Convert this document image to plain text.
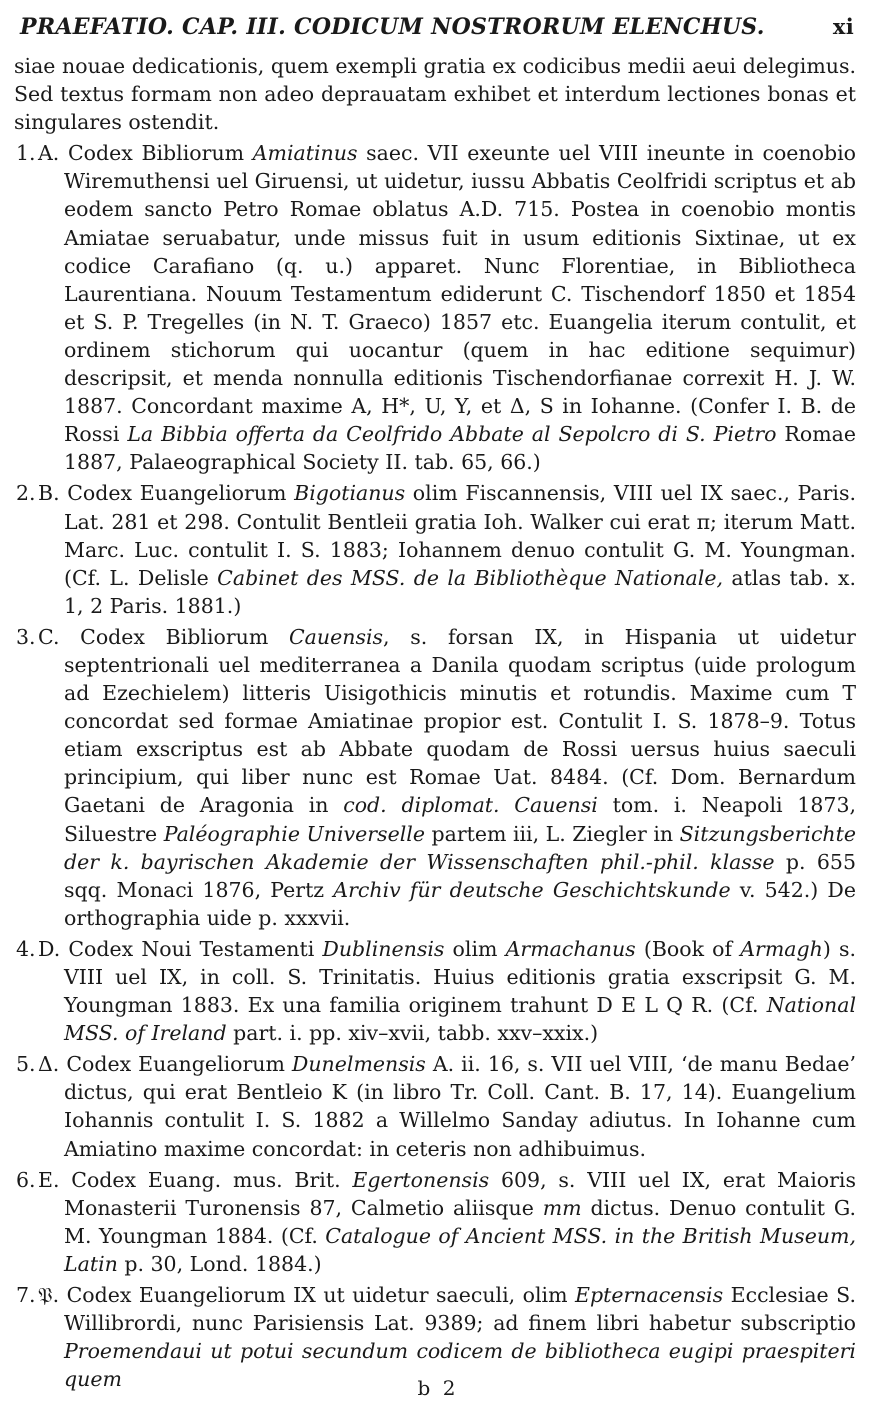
PRAEFATIO. CAP. III. CODICUM NOSTRORUM ELENCHUS.	xi

siae nouae dedicationis, quem exempli gratia ex codicibus medii aeui delegimus. Sed textus formam non adeo deprauatam exhibet et interdum lectiones bonas et singulares ostendit.

1. A. Codex Bibliorum Amiatinus saec. VII exeunte uel VIII ineunte in coenobio Wiremuthensi uel Giruensi, ut uidetur, iussu Abbatis Ceolfridi scriptus et ab eodem sancto Petro Romae oblatus A.D. 715. Postea in coenobio montis Amiatae seruabatur, unde missus fuit in usum editionis Sixtinae, ut ex codice Carafiano (q. u.) apparet. Nunc Florentiae, in Bibliotheca Laurentiana. Nouum Testamentum ediderunt C. Tischendorf 1850 et 1854 et S. P. Tregelles (in N. T. Graeco) 1857 etc. Euangelia iterum contulit, et ordinem stichorum qui uocantur (quem in hac editione sequimur) descripsit, et menda nonnulla editionis Tischendorfianae correxit H. J. W. 1887. Concordant maxime A, H*, U, Y, et Δ, S in Iohanne. (Confer I. B. de Rossi La Bibbia offerta da Ceolfrido Abbate al Sepolcro di S. Pietro Romae 1887, Palaeographical Society II. tab. 65, 66.)

2. B. Codex Euangeliorum Bigotianus olim Fiscannensis, VIII uel IX saec., Paris. Lat. 281 et 298. Contulit Bentleii gratia Ioh. Walker cui erat π; iterum Matt. Marc. Luc. contulit I. S. 1883; Iohannem denuo contulit G. M. Youngman. (Cf. L. Delisle Cabinet des MSS. de la Bibliothèque Nationale, atlas tab. x. 1, 2 Paris. 1881.)

3. C. Codex Bibliorum Cauensis, s. forsan IX, in Hispania ut uidetur septentrionali uel mediterranea a Danila quodam scriptus (uide prologum ad Ezechielem) litteris Uisigothicis minutis et rotundis. Maxime cum T concordat sed formae Amiatinae propior est. Contulit I. S. 1878–9. Totus etiam exscriptus est ab Abbate quodam de Rossi uersus huius saeculi principium, qui liber nunc est Romae Uat. 8484. (Cf. Dom. Bernardum Gaetani de Aragonia in cod. diplomat. Cauensi tom. i. Neapoli 1873, Siluestre Paléographie Universelle partem iii, L. Ziegler in Sitzungsberichte der k. bayrischen Akademie der Wissenschaften phil.-phil. klasse p. 655 sqq. Monaci 1876, Pertz Archiv für deutsche Geschichtskunde v. 542.) De orthographia uide p. xxxvii.

4. D. Codex Noui Testamenti Dublinensis olim Armachanus (Book of Armagh) s. VIII uel IX, in coll. S. Trinitatis. Huius editionis gratia exscripsit G. M. Youngman 1883. Ex una familia originem trahunt D E L Q R. (Cf. National MSS. of Ireland part. i. pp. xiv–xvii, tabb. xxv–xxix.)

5. Δ. Codex Euangeliorum Dunelmensis A. ii. 16, s. VII uel VIII, ‘de manu Bedae’ dictus, qui erat Bentleio K (in libro Tr. Coll. Cant. B. 17, 14). Euangelium Iohannis contulit I. S. 1882 a Willelmo Sanday adiutus. In Iohanne cum Amiatino maxime concordat: in ceteris non adhibuimus.

6. E. Codex Euang. mus. Brit. Egertonensis 609, s. VIII uel IX, erat Maioris Monasterii Turonensis 87, Calmetio aliisque mm dictus. Denuo contulit G. M. Youngman 1884. (Cf. Catalogue of Ancient MSS. in the British Museum, Latin p. 30, Lond. 1884.)

7. 𝔓. Codex Euangeliorum IX ut uidetur saeculi, olim Epternacensis Ecclesiae S. Willibrordi, nunc Parisiensis Lat. 9389; ad finem libri habetur subscriptio Proemendaui ut potui secundum codicem de bibliotheca eugipi praespiteri quem	b 2
